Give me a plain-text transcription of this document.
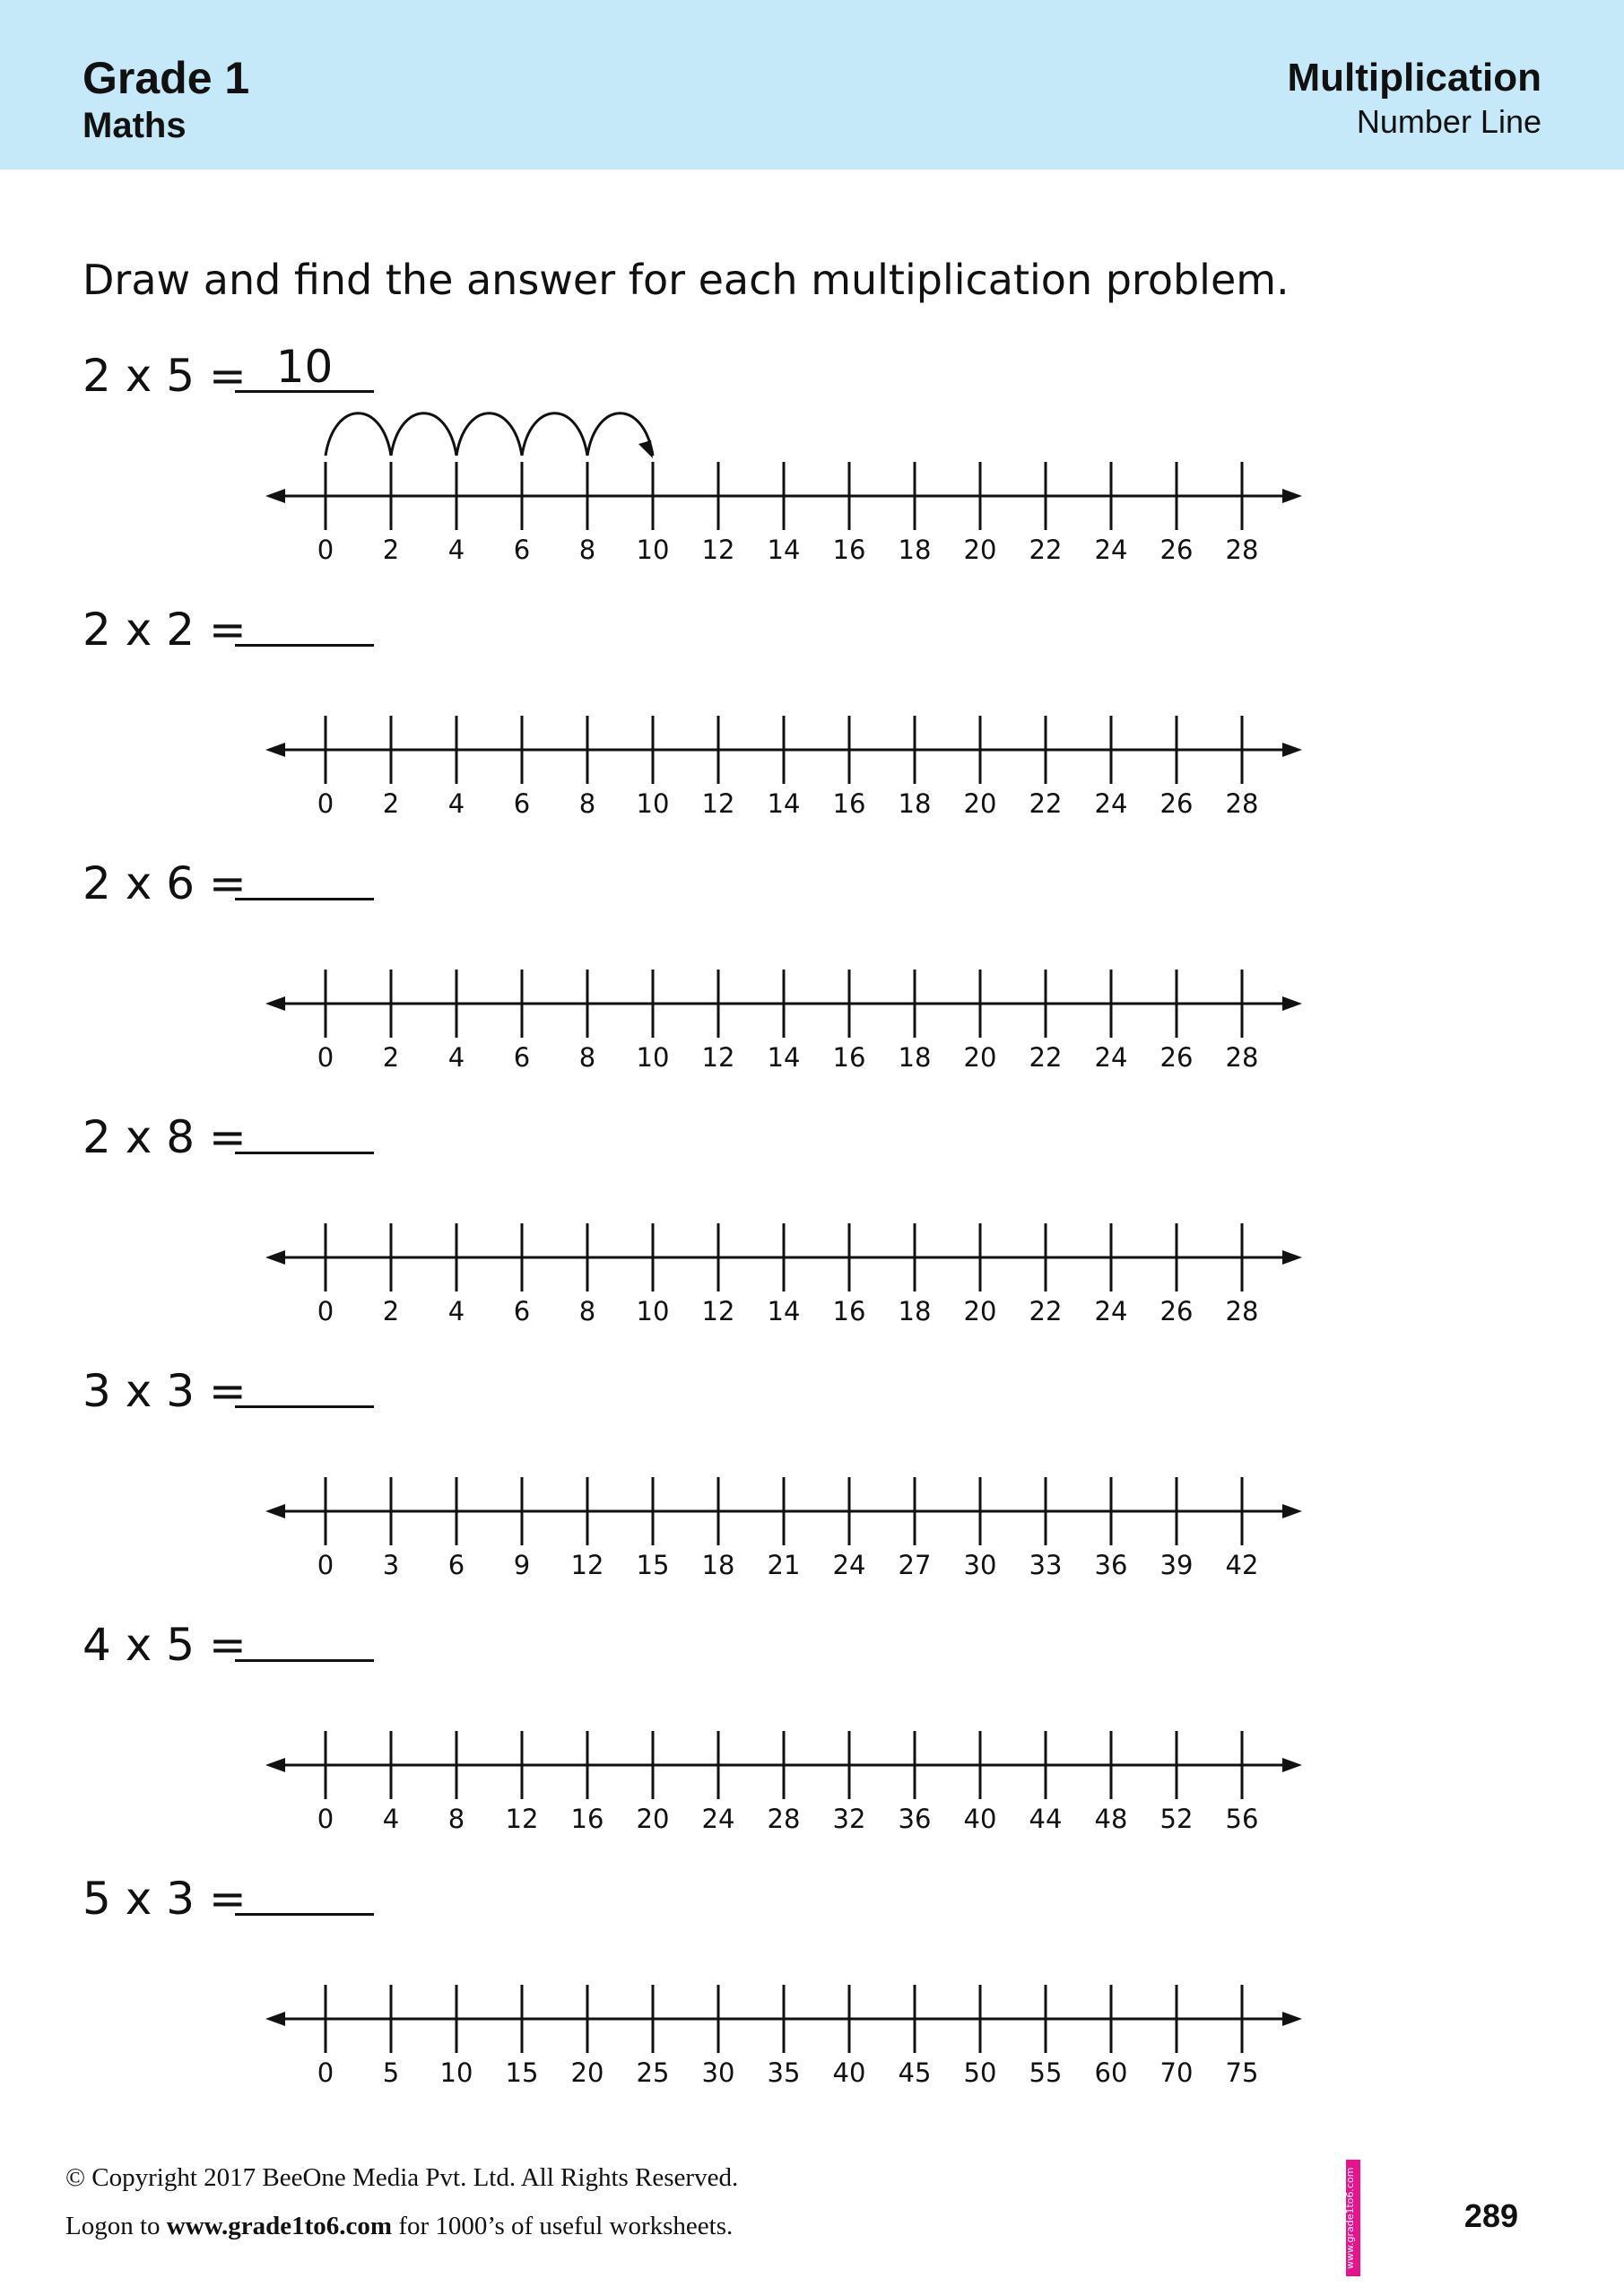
Grade 1
Maths
Multiplication
Number Line
Draw and find the answer for each multiplication problem.
2 x 5 = 10
2 x 2 =
2 x 6 =
2 x 8 =
3 x 3 =
4 x 5 =
5 x 3 =
0 2 4 6 8 10 12 14 16 18 20 22 24 26 28
0 2 4 6 8 10 12 14 16 18 20 22 24 26 28
0 2 4 6 8 10 12 14 16 18 20 22 24 26 28
0 2 4 6 8 10 12 14 16 18 20 22 24 26 28
0 3 6 9 12 15 18 21 24 27 30 33 36 39 42
0 4 8 12 16 20 24 28 32 36 40 44 48 52 56
0 5 10 15 20 25 30 35 40 45 50 55 60 70 75
© Copyright 2017 BeeOne Media Pvt. Ltd. All Rights Reserved.
Logon to www.grade1to6.com for 1000’s of useful worksheets.	www.grade1to6.com	289
